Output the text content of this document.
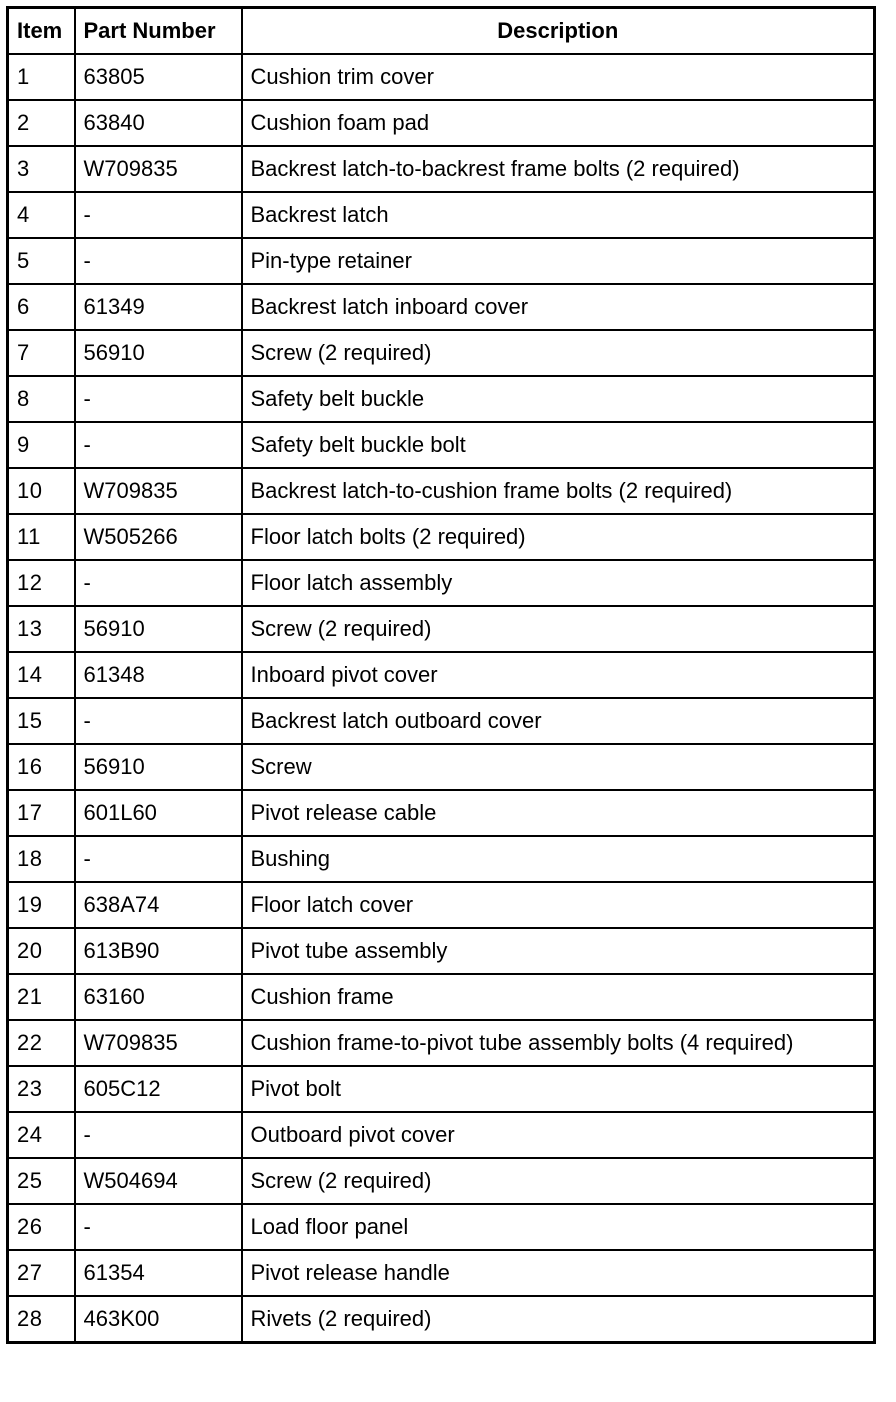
Item	Part Number	Description
1	63805	Cushion trim cover
2	63840	Cushion foam pad
3	W709835	Backrest latch-to-backrest frame bolts (2 required)
4	-	Backrest latch
5	-	Pin-type retainer
6	61349	Backrest latch inboard cover
7	56910	Screw (2 required)
8	-	Safety belt buckle
9	-	Safety belt buckle bolt
10	W709835	Backrest latch-to-cushion frame bolts (2 required)
11	W505266	Floor latch bolts (2 required)
12	-	Floor latch assembly
13	56910	Screw (2 required)
14	61348	Inboard pivot cover
15	-	Backrest latch outboard cover
16	56910	Screw
17	601L60	Pivot release cable
18	-	Bushing
19	638A74	Floor latch cover
20	613B90	Pivot tube assembly
21	63160	Cushion frame
22	W709835	Cushion frame-to-pivot tube assembly bolts (4 required)
23	605C12	Pivot bolt
24	-	Outboard pivot cover
25	W504694	Screw (2 required)
26	-	Load floor panel
27	61354	Pivot release handle
28	463K00	Rivets (2 required)
